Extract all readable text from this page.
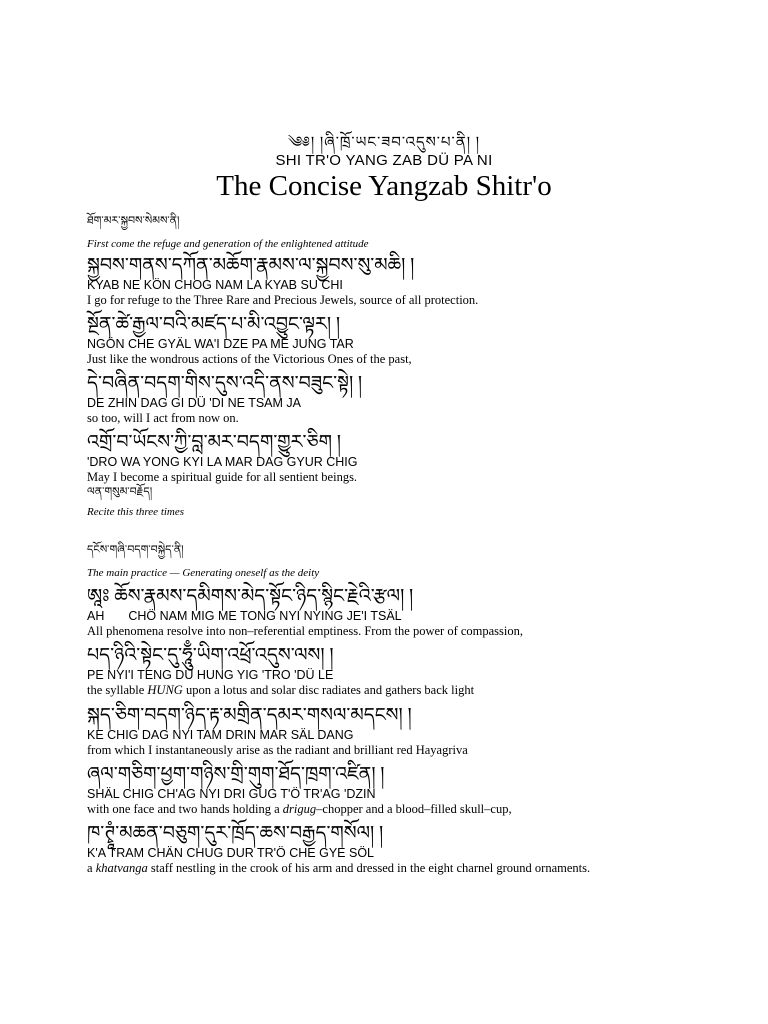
༄༅། །ཞི་ཁྲོ་ཡང་ཟབ་འདུས་པ་ནི། །
SHI TR'O YANG ZAB DÜ PA NI
The Concise Yangzab Shitr'o
ཐོག་མར་སྐྱབས་སེམས་ནི།
First come the refuge and generation of the enlightened attitude
སྐྱབས་གནས་དཀོན་མཆོག་རྣམས་ལ་སྐྱབས་སུ་མཆི། །
KYAB NE KÖN CHOG NAM LA KYAB SU CHI
I go for refuge to the Three Rare and Precious Jewels, source of all protection.
སྔོན་ཚེ་རྒྱལ་བའི་མཛད་པ་མི་འབྱུང་ལྟར། །
NGÖN CHE GYÄL WA'I DZE PA ME JUNG TAR
Just like the wondrous actions of the Victorious Ones of the past,
དེ་བཞིན་བདག་གིས་དུས་འདི་ནས་བཟུང་སྟེ། །
DE ZHIN DAG GI DÜ 'DI NE TSAM JA
so too, will I act from now on.
འགྲོ་བ་ཡོངས་ཀྱི་བླ་མར་བདག་གྱུར་ཅིག །
'DRO WA YONG KYI LA MAR DAG GYUR CHIG
May I become a spiritual guide for all sentient beings.
ལན་གསུམ་བརྗོད།
Recite this three times
དངོས་གཞི་བདག་བསྐྱེད་ནི།
The main practice — Generating oneself as the deity
ཨཱཿ ཆོས་རྣམས་དམིགས་མེད་སྟོང་ཉིད་སྙིང་རྗེའི་རྩལ། །
AH CHÖ NAM MIG ME TONG NYI NYING JE'I TSÄL
All phenomena resolve into non–referential emptiness. From the power of compassion,
པད་ཉིའི་སྟེང་དུ་ཧཱུྃ་ཡིག་འཕྲོ་འདུས་ལས། །
PE NYI'I TENG DU HUNG YIG 'TRO 'DÜ LE
the syllable HUNG upon a lotus and solar disc radiates and gathers back light
སྐད་ཅིག་བདག་ཉིད་རྟ་མགྲིན་དམར་གསལ་མདངས། །
KE CHIG DAG NYI TAM DRIN MAR SÄL DANG
from which I instantaneously arise as the radiant and brilliant red Hayagriva
ཞལ་གཅིག་ཕྱག་གཉིས་གྲི་གུག་ཐོད་ཁྲག་འཛིན། །
SHÄL CHIG CH'AG NYI DRI GUG T'Ö TR'AG 'DZIN
with one face and two hands holding a drigug–chopper and a blood–filled skull–cup,
ཁ་ཊྭཱཾ་མཆན་བཅུག་དུར་ཁྲོད་ཆས་བརྒྱད་གསོལ། །
K'A TRAM CHÄN CHUG DUR TR'Ö CHE GYE SÖL
a khatvanga staff nestling in the crook of his arm and dressed in the eight charnel ground ornaments.
